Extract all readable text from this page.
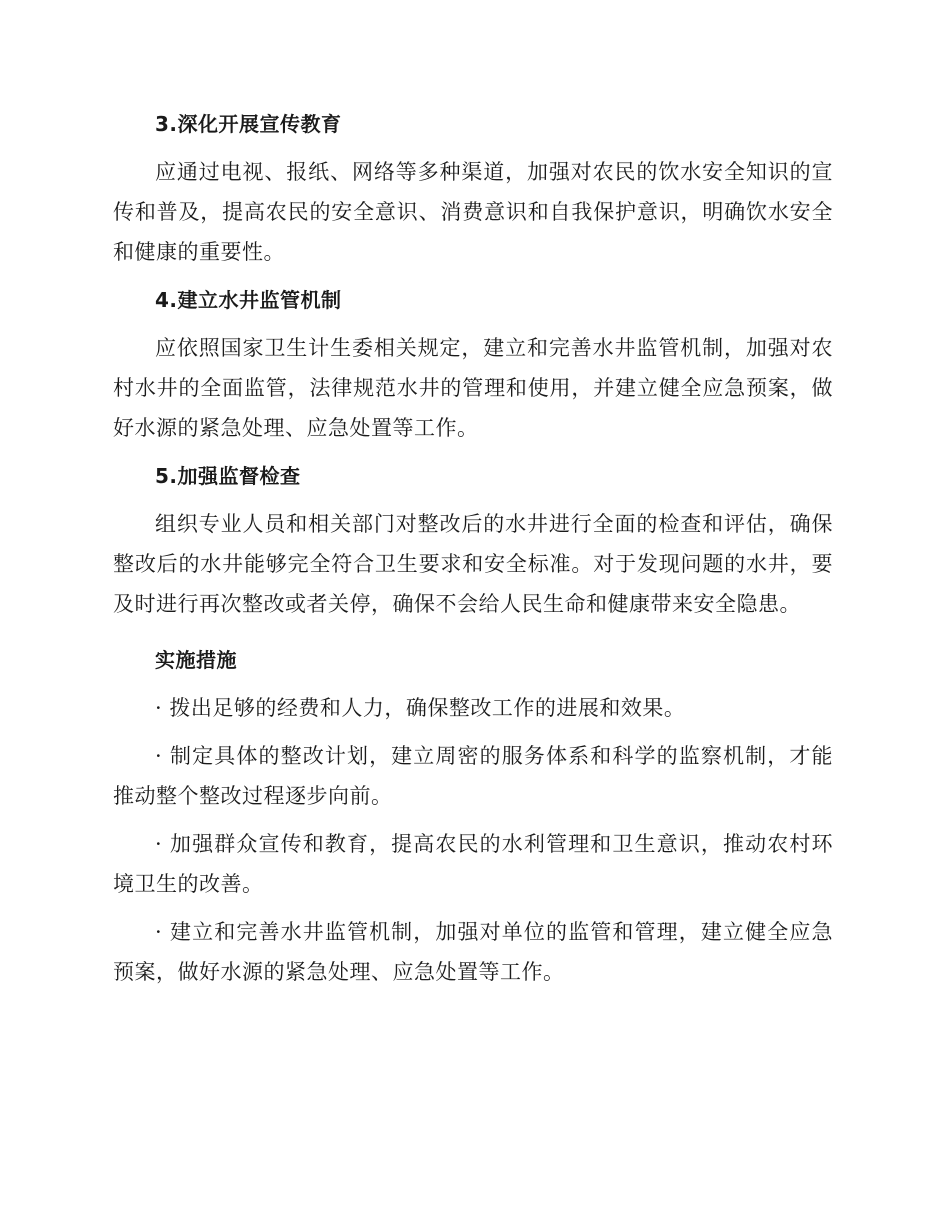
3.深化开展宣传教育
应通过电视、报纸、网络等多种渠道，加强对农民的饮水安全知识的宣传和普及，提高农民的安全意识、消费意识和自我保护意识，明确饮水安全和健康的重要性。
4.建立水井监管机制
应依照国家卫生计生委相关规定，建立和完善水井监管机制，加强对农村水井的全面监管，法律规范水井的管理和使用，并建立健全应急预案，做好水源的紧急处理、应急处置等工作。
5.加强监督检查
组织专业人员和相关部门对整改后的水井进行全面的检查和评估，确保整改后的水井能够完全符合卫生要求和安全标准。对于发现问题的水井，要及时进行再次整改或者关停，确保不会给人民生命和健康带来安全隐患。
实施措施
· 拨出足够的经费和人力，确保整改工作的进展和效果。
· 制定具体的整改计划，建立周密的服务体系和科学的监察机制，才能推动整个整改过程逐步向前。
· 加强群众宣传和教育，提高农民的水利管理和卫生意识，推动农村环境卫生的改善。
· 建立和完善水井监管机制，加强对单位的监管和管理，建立健全应急预案，做好水源的紧急处理、应急处置等工作。
